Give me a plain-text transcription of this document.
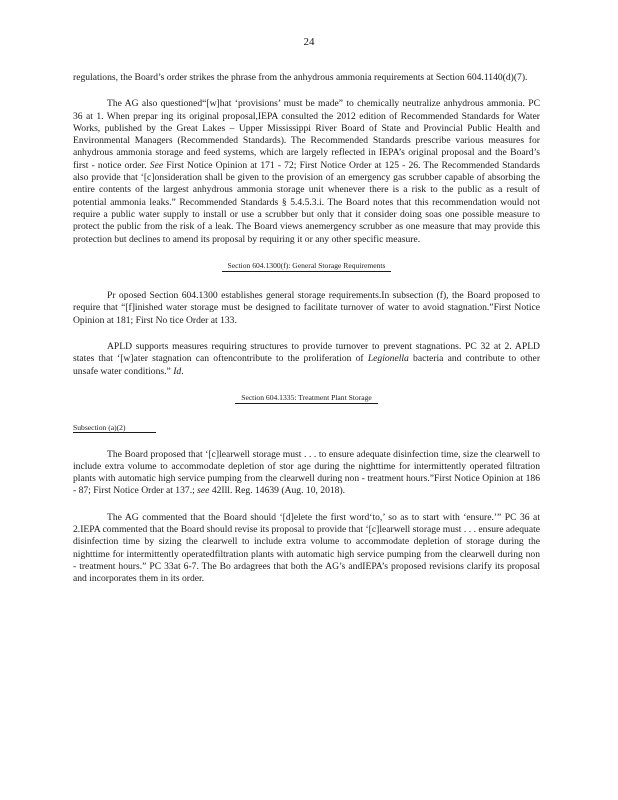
24

regulations, the Board’s order strikes the phrase from the anhydrous ammonia requirements at Section 604.1140(d)(7).

The AG also questioned“[w]hat ‘provisions’ must be made” to chemically neutralize anhydrous ammonia. PC 36 at 1. When prepar ing its original proposal,IEPA consulted the 2012 edition of Recommended Standards for Water Works, published by the Great Lakes – Upper Mississippi River Board of State and Provincial Public Health and Environmental Managers (Recommended Standards). The Recommended Standards prescribe various measures for anhydrous ammonia storage and feed systems, which are largely reflected in IEPA’s original proposal and the Board’s first - notice order. See First Notice Opinion at 171 - 72; First Notice Order at 125 - 26. The Recommended Standards also provide that ‘[c]onsideration shall be given to the provision of an emergency gas scrubber capable of absorbing the entire contents of the largest anhydrous ammonia storage unit whenever there is a risk to the public as a result of potential ammonia leaks.” Recommended Standards § 5.4.5.3.i. The Board notes that this recommendation would not require a public water supply to install or use a scrubber but only that it consider doing soas one possible measure to protect the public from the risk of a leak. The Board views anemergency scrubber as one measure that may provide this protection but declines to amend its proposal by requiring it or any other specific measure.

Section 604.1300(f): General Storage Requirements

Pr oposed Section 604.1300 establishes general storage requirements.In subsection (f), the Board proposed to require that “[f]inished water storage must be designed to facilitate turnover of water to avoid stagnation.”First Notice Opinion at 181; First No tice Order at 133.

APLD supports measures requiring structures to provide turnover to prevent stagnations. PC 32 at 2. APLD states that ‘[w]ater stagnation can oftencontribute to the proliferation of Legionella bacteria and contribute to other unsafe water conditions.” Id.

Section 604.1335: Treatment Plant Storage
Subsection (a)(2)

The Board proposed that ‘[c]learwell storage must . . . to ensure adequate disinfection time, size the clearwell to include extra volume to accommodate depletion of stor age during the nighttime for intermittently operated filtration plants with automatic high service pumping from the clearwell during non - treatment hours.”First Notice Opinion at 186 - 87; First Notice Order at 137.; see 42Ill. Reg. 14639 (Aug. 10, 2018).

The AG commented that the Board should ‘[d]elete the first word‘to,’ so as to start with ‘ensure.’” PC 36 at 2.IEPA commented that the Board should revise its proposal to provide that ‘[c]learwell storage must . . . ensure adequate disinfection time by sizing the clearwell to include extra volume to accommodate depletion of storage during the nighttime for intermittently operatedfiltration plants with automatic high service pumping from the clearwell during non - treatment hours.” PC 33at 6-7. The Bo ardagrees that both the AG’s andIEPA’s proposed revisions clarify its proposal and incorporates them in its order.
